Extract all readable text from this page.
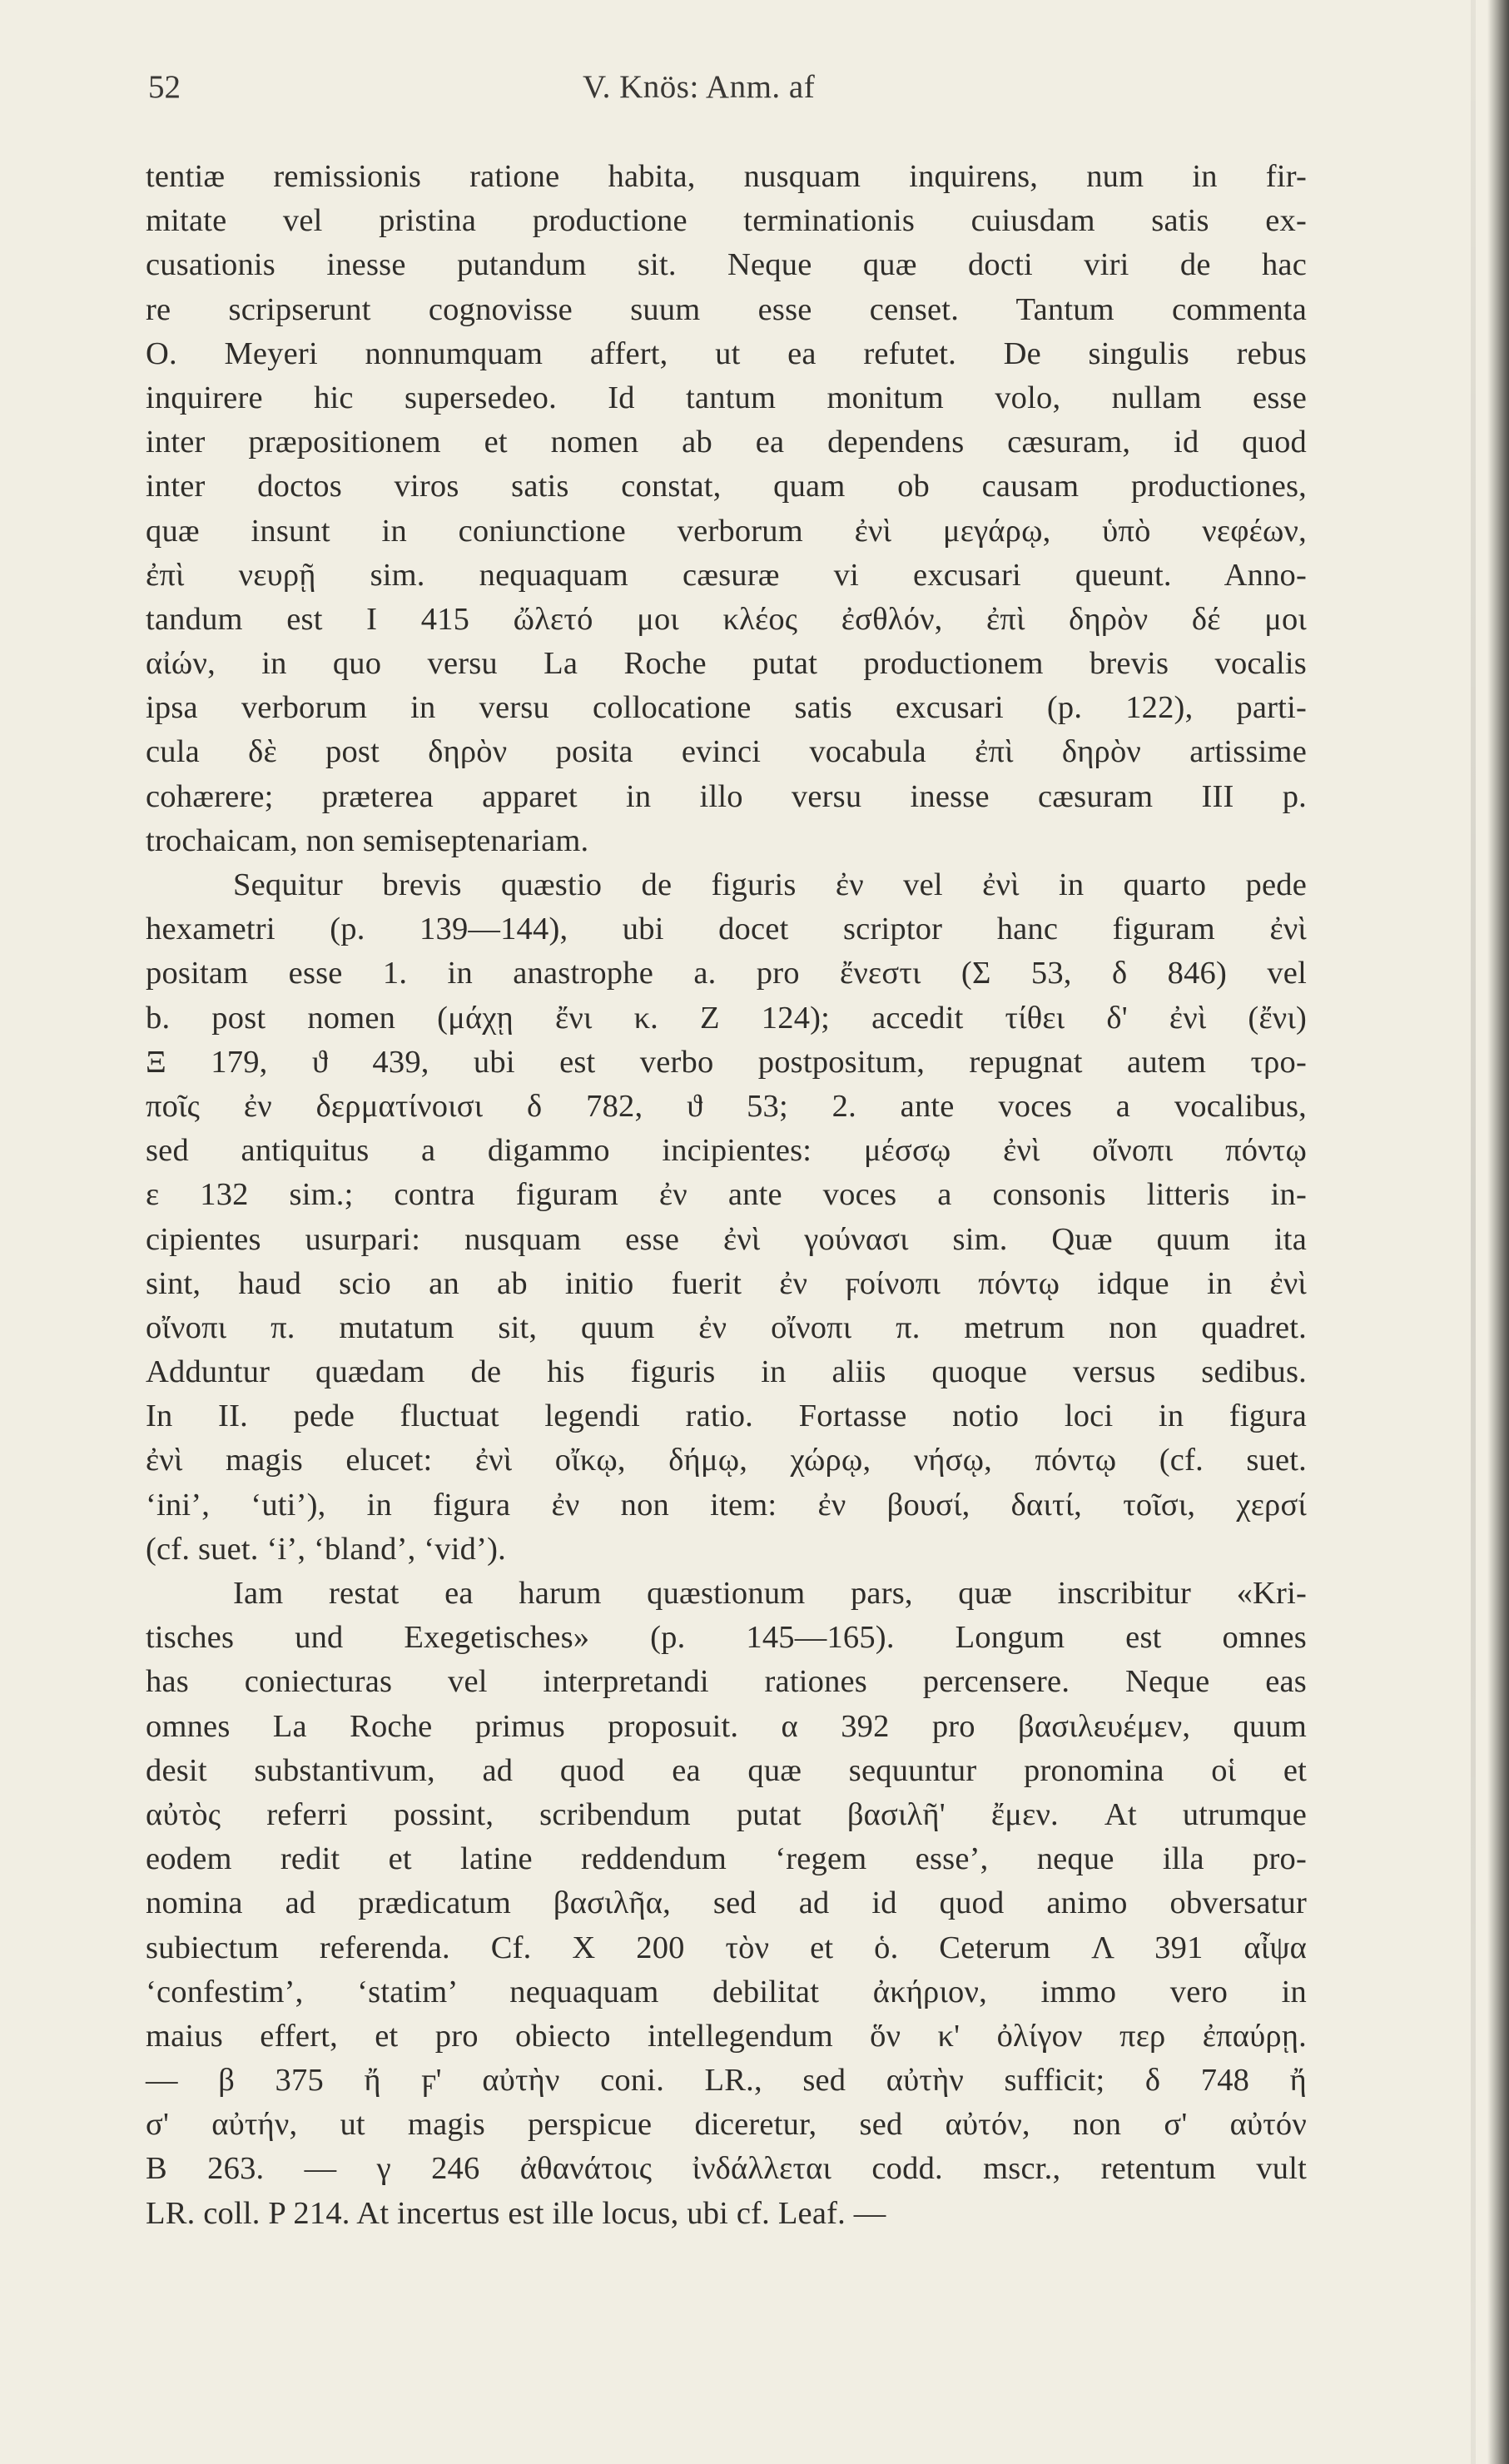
52	V. Knös: Anm. af
tentiæ remissionis ratione habita, nusquam inquirens, num in fir-
mitate vel pristina productione terminationis cuiusdam satis ex-
cusationis inesse putandum sit. Neque quæ docti viri de hac
re scripserunt cognovisse suum esse censet. Tantum commenta
O. Meyeri nonnumquam affert, ut ea refutet. De singulis rebus
inquirere hic supersedeo. Id tantum monitum volo, nullam esse
inter præpositionem et nomen ab ea dependens cæsuram, id quod
inter doctos viros satis constat, quam ob causam productiones,
quæ insunt in coniunctione verborum ἐνὶ μεγάρῳ, ὑπὸ νεφέων,
ἐπὶ νευρῇ sim. nequaquam cæsuræ vi excusari queunt. Anno-
tandum est I 415 ὤλετό μοι κλέος ἐσθλόν, ἐπὶ δηρὸν δέ μοι
αἰών, in quo versu La Roche putat productionem brevis vocalis
ipsa verborum in versu collocatione satis excusari (p. 122), parti-
cula δὲ post δηρὸν posita evinci vocabula ἐπὶ δηρὸν artissime
cohærere; præterea apparet in illo versu inesse cæsuram III p.
trochaicam, non semiseptenariam.
Sequitur brevis quæstio de figuris ἐν vel ἐνὶ in quarto pede
hexametri (p. 139—144), ubi docet scriptor hanc figuram ἐνὶ
positam esse 1. in anastrophe a. pro ἔνεστι (Σ 53, δ 846) vel
b. post nomen (μάχῃ ἔνι κ. Z 124); accedit τίθει δ' ἐνὶ (ἔνι)
Ξ 179, ϑ 439, ubi est verbo postpositum, repugnat autem τρο-
ποῖς ἐν δερματίνοισι δ 782, ϑ 53; 2. ante voces a vocalibus,
sed antiquitus a digammo incipientes: μέσσῳ ἐνὶ οἴνοπι πόντῳ
ε 132 sim.; contra figuram ἐν ante voces a consonis litteris in-
cipientes usurpari: nusquam esse ἐνὶ γούνασι sim. Quæ quum ita
sint, haud scio an ab initio fuerit ἐν ϝοίνοπι πόντῳ idque in ἐνὶ
οἴνοπι π. mutatum sit, quum ἐν οἴνοπι π. metrum non quadret.
Adduntur quædam de his figuris in aliis quoque versus sedibus.
In II. pede fluctuat legendi ratio. Fortasse notio loci in figura
ἐνὶ magis elucet: ἐνὶ οἴκῳ, δήμῳ, χώρῳ, νήσῳ, πόντῳ (cf. suet.
‘ini’, ‘uti’), in figura ἐν non item: ἐν βουσί, δαιτί, τοῖσι, χερσί
(cf. suet. ‘i’, ‘bland’, ‘vid’).
Iam restat ea harum quæstionum pars, quæ inscribitur «Kri-
tisches und Exegetisches» (p. 145—165). Longum est omnes
has coniecturas vel interpretandi rationes percensere. Neque eas
omnes La Roche primus proposuit. α 392 pro βασιλευέμεν, quum
desit substantivum, ad quod ea quæ sequuntur pronomina οἱ et
αὐτὸς referri possint, scribendum putat βασιλῆ' ἔμεν. At utrumque
eodem redit et latine reddendum ‘regem esse’, neque illa pro-
nomina ad prædicatum βασιλῆα, sed ad id quod animo obversatur
subiectum referenda. Cf. X 200 τὸν et ὁ. Ceterum Λ 391 αἶψα
‘confestim’, ‘statim’ nequaquam debilitat ἀκήριον, immo vero in
maius effert, et pro obiecto intellegendum ὅν κ' ὀλίγον περ ἐπαύρῃ.
— β 375 ἤ ϝ' αὐτὴν coni. LR., sed αὐτὴν sufficit; δ 748 ἤ
σ' αὐτήν, ut magis perspicue diceretur, sed αὐτόν, non σ' αὐτόν
B 263. — γ 246 ἀθανάτοις ἰνδάλλεται codd. mscr., retentum vult
LR. coll. P 214. At incertus est ille locus, ubi cf. Leaf. —
